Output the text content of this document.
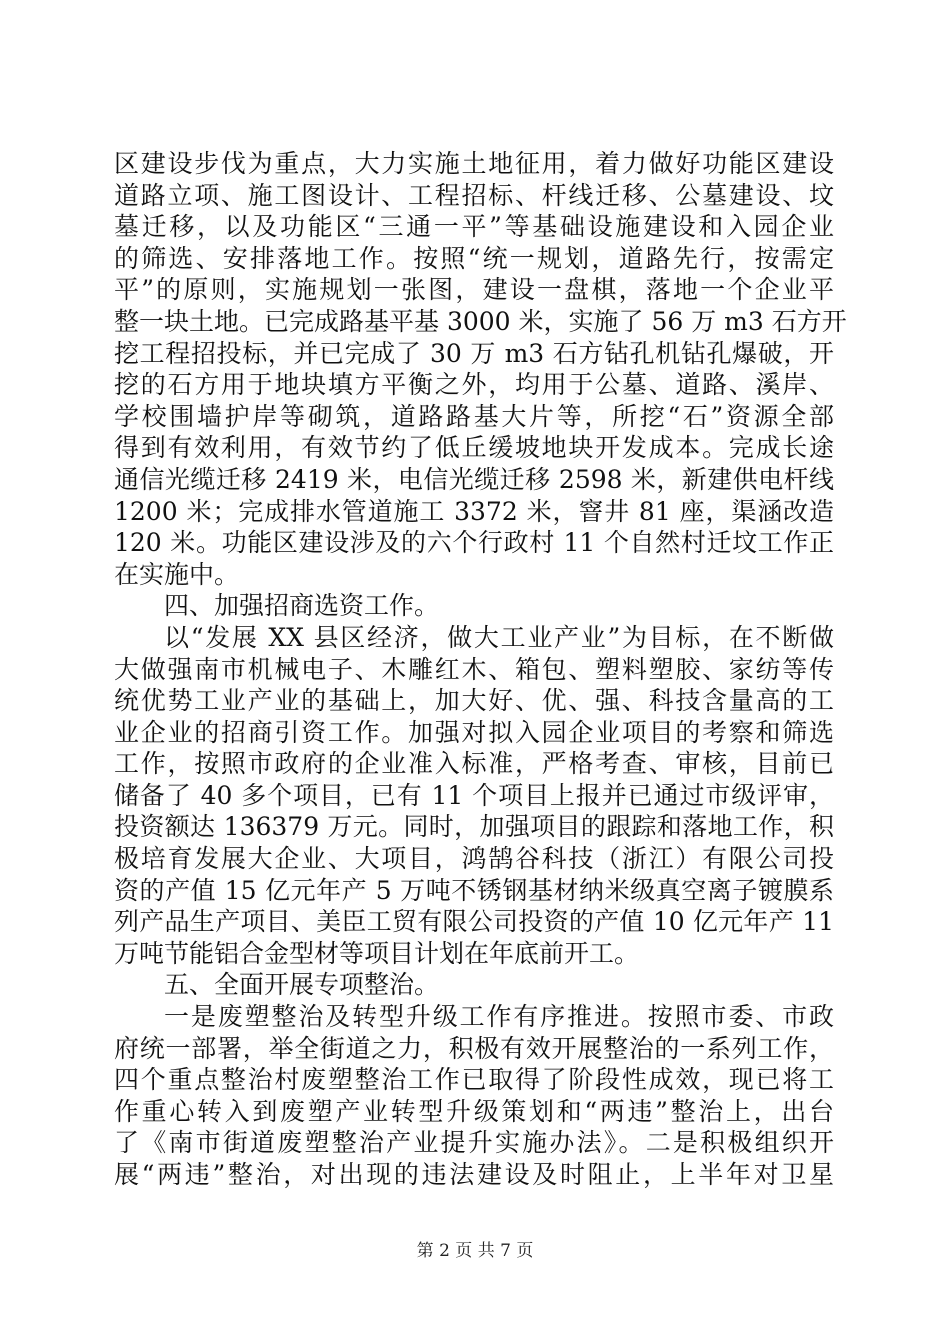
区建设步伐为重点，大力实施土地征用，着力做好功能区建设
道路立项、施工图设计、工程招标、杆线迁移、公墓建设、坟
墓迁移，以及功能区“三通一平”等基础设施建设和入园企业
的筛选、安排落地工作。按照“统一规划，道路先行，按需定
平”的原则，实施规划一张图，建设一盘棋，落地一个企业平
整一块土地。已完成路基平基 3000 米，实施了 56 万 m3 石方开
挖工程招投标，并已完成了 30 万 m3 石方钻孔机钻孔爆破，开
挖的石方用于地块填方平衡之外，均用于公墓、道路、溪岸、
学校围墙护岸等砌筑，道路路基大片等，所挖“石”资源全部
得到有效利用，有效节约了低丘缓坡地块开发成本。完成长途
通信光缆迁移 2419 米，电信光缆迁移 2598 米，新建供电杆线
1200 米；完成排水管道施工 3372 米，窨井 81 座，渠涵改造
120 米。功能区建设涉及的六个行政村 11 个自然村迁坟工作正
在实施中。
四、加强招商选资工作。
以“发展 XX 县区经济，做大工业产业”为目标，在不断做
大做强南市机械电子、木雕红木、箱包、塑料塑胶、家纺等传
统优势工业产业的基础上，加大好、优、强、科技含量高的工
业企业的招商引资工作。加强对拟入园企业项目的考察和筛选
工作，按照市政府的企业准入标准，严格考查、审核，目前已
储备了 40 多个项目，已有 11 个项目上报并已通过市级评审，
投资额达 136379 万元。同时，加强项目的跟踪和落地工作，积
极培育发展大企业、大项目，鸿鹄谷科技（浙江）有限公司投
资的产值 15 亿元年产 5 万吨不锈钢基材纳米级真空离子镀膜系
列产品生产项目、美臣工贸有限公司投资的产值 10 亿元年产 11
万吨节能铝合金型材等项目计划在年底前开工。
五、全面开展专项整治。
一是废塑整治及转型升级工作有序推进。按照市委、市政
府统一部署，举全街道之力，积极有效开展整治的一系列工作，
四个重点整治村废塑整治工作已取得了阶段性成效，现已将工
作重心转入到废塑产业转型升级策划和“两违”整治上，出台
了《南市街道废塑整治产业提升实施办法》。二是积极组织开
展“两违”整治，对出现的违法建设及时阻止，上半年对卫星
第 2 页 共 7 页
